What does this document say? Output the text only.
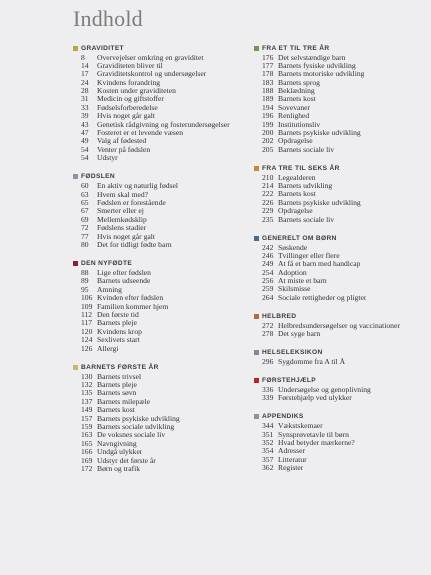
Indhold
GRAVIDITET
8	Overvejelser omkring en graviditet
14	Graviditeten bliver til
17	Graviditetskontrol og undersøgelser
24	Kvindens forandring
28	Kosten under graviditeten
31	Medicin og giftstoffer
33	Fødselsforberedelse
39	Hvis noget går galt
43	Genetisk rådgivning og fosterundersøgelser
47	Fosteret er et levende væsen
49	Valg af fødested
54	Venter på fødslen
54	Udstyr
FØDSLEN
60	En aktiv og naturlig fødsel
63	Hvem skal med?
65	Fødslen er forestående
67	Smerter eller ej
69	Mellemkødsklip
72	Fødslens stadier
77	Hvis noget går galt
80	Det for tidligt fødte barn
DEN NYFØDTE
88	Lige efter fødslen
89	Barnets udseende
95	Amning
106 Kvinden efter fødslen
109 Familien kommer hjem
112 Den første tid
117 Barnets pleje
120 Kvindens krop
124 Sexlivets start
126 Allergi
BARNETS FØRSTE ÅR
130 Barnets trivsel
132 Barnets pleje
135 Barnets søvn
137 Barnets milepæle
149 Barnets kost
157 Barnets psykiske udvikling
159 Barnets sociale udvikling
163 De voksnes sociale liv
165 Navngivning
166 Undgå ulykker
169 Udstyr det første år
172 Børn og trafik
FRA ET TIL TRE ÅR
176 Det selvstændige barn
177 Barnets fysiske udvikling
178 Barnets motoriske udvikling
183 Barnets sprog
188 Beklædning
189 Barnets kost
194 Sovevaner
196 Renlighed
199 Institutionsliv
200 Barnets psykiske udvikling
202 Opdragelse
205 Barnets sociale liv
FRA TRE TIL SEKS ÅR
210 Legealderen
214 Barnets udvikling
222 Barnets kost
226 Barnets psykiske udvikling
229 Opdragelse
235 Barnets sociale liv
GENERELT OM BØRN
242 Søskende
246 Tvillinger eller flere
249 At få et barn med handicap
254 Adoption
256 At miste et barn
259 Skilsmisse
264 Sociale rettigheder og pligter
HELBRED
272 Helbredsundersøgelser og vaccinationer
278 Det syge barn
HELSELEKSIKON
296 Sygdomme fra A til Å
FØRSTEHJÆLP
336 Undersøgelse og genoplivning
339 Førstehjælp ved ulykker
APPENDIKS
344 Vækstskemaer
351 Synsprøvetavle til børn
352 Hvad betyder mærkerne?
354 Adresser
357 Litteratur
362 Register
